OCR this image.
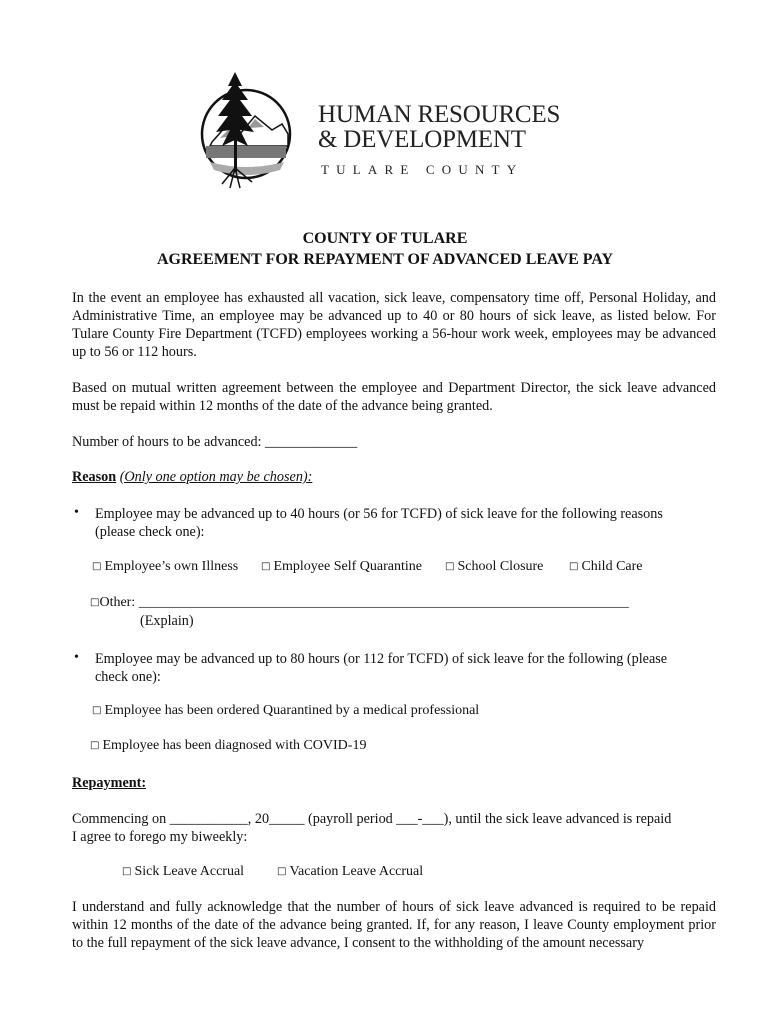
HUMAN RESOURCES
& DEVELOPMENT
TULARE COUNTY
COUNTY OF TULARE
AGREEMENT FOR REPAYMENT OF ADVANCED LEAVE PAY
In the event an employee has exhausted all vacation, sick leave, compensatory time off, Personal Holiday, and Administrative Time, an employee may be advanced up to 40 or 80 hours of sick leave, as listed below. For Tulare County Fire Department (TCFD) employees working a 56-hour work week, employees may be advanced up to 56 or 112 hours.
Based on mutual written agreement between the employee and Department Director, the sick leave advanced must be repaid within 12 months of the date of the advance being granted.
Number of hours to be advanced: _____________
Reason (Only one option may be chosen):
• Employee may be advanced up to 40 hours (or 56 for TCFD) of sick leave for the following reasons
(please check one):
□ Employee’s own Illness □ Employee Self Quarantine □ School Closure	□ Child Care
□Other: ______________________________________________________________________
(Explain)
• Employee may be advanced up to 80 hours (or 112 for TCFD) of sick leave for the following (please
check one):
□ Employee has been ordered Quarantined by a medical professional
□ Employee has been diagnosed with COVID-19
Repayment:
Commencing on ___________, 20_____ (payroll period ___-___), until the sick leave advanced is repaid
I agree to forego my biweekly:
□ Sick Leave Accrual	□ Vacation Leave Accrual
I understand and fully acknowledge that the number of hours of sick leave advanced is required to be repaid within 12 months of the date of the advance being granted. If, for any reason, I leave County employment prior to the full repayment of the sick leave advance, I consent to the withholding of the amount necessary
